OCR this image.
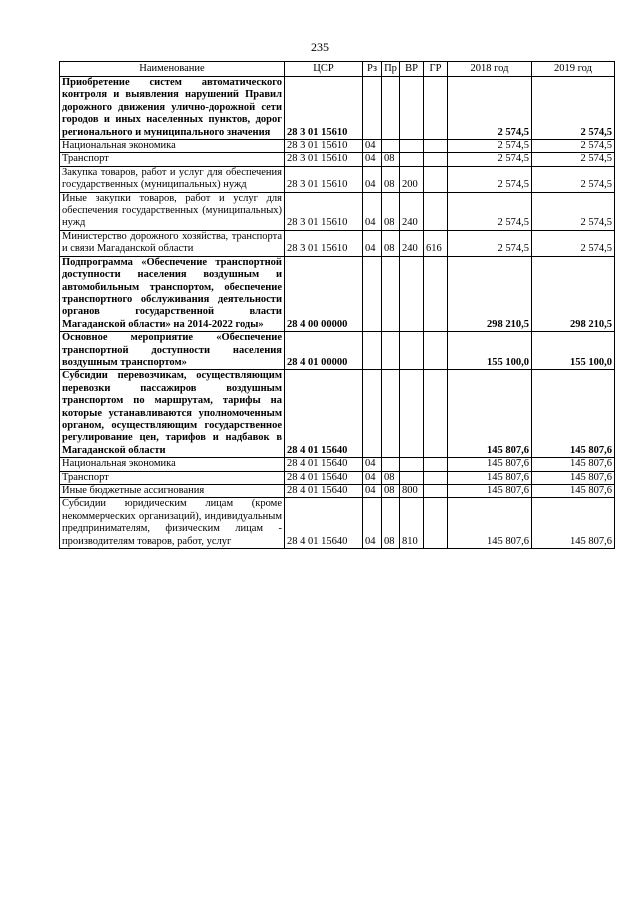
235
Наименование	ЦСР	Рз	Пр	ВР	ГР	2018 год	2019 год
Приобретение систем автоматического контроля и выявления нарушений Правил дорожного движения улично-дорожной сети городов и иных населенных пунктов, дорог регионального и муниципального значения	28 3 01 15610					2 574,5	2 574,5
Национальная экономика	28 3 01 15610	04				2 574,5	2 574,5
Транспорт	28 3 01 15610	04	08			2 574,5	2 574,5
Закупка товаров, работ и услуг для обеспечения государственных (муниципальных) нужд	28 3 01 15610	04	08	200		2 574,5	2 574,5
Иные закупки товаров, работ и услуг для обеспечения государственных (муниципальных) нужд	28 3 01 15610	04	08	240		2 574,5	2 574,5
Министерство дорожного хозяйства, транспорта и связи Магаданской области	28 3 01 15610	04	08	240	616	2 574,5	2 574,5
Подпрограмма «Обеспечение транспортной доступности населения воздушным и автомобильным транспортом, обеспечение транспортного обслуживания деятельности органов государственной власти Магаданской области» на 2014-2022 годы»	28 4 00 00000					298 210,5	298 210,5
Основное мероприятие «Обеспечение транспортной доступности населения воздушным транспортом»	28 4 01 00000					155 100,0	155 100,0
Субсидии перевозчикам, осуществляющим перевозки пассажиров воздушным транспортом по маршрутам, тарифы на которые устанавливаются уполномоченным органом, осуществляющим государственное регулирование цен, тарифов и надбавок в Магаданской области	28 4 01 15640					145 807,6	145 807,6
Национальная экономика	28 4 01 15640	04				145 807,6	145 807,6
Транспорт	28 4 01 15640	04	08			145 807,6	145 807,6
Иные бюджетные ассигнования	28 4 01 15640	04	08	800		145 807,6	145 807,6
Субсидии юридическим лицам (кроме некоммерческих организаций), индивидуальным предпринимателям, физическим лицам - производителям товаров, работ, услуг	28 4 01 15640	04	08	810		145 807,6	145 807,6
